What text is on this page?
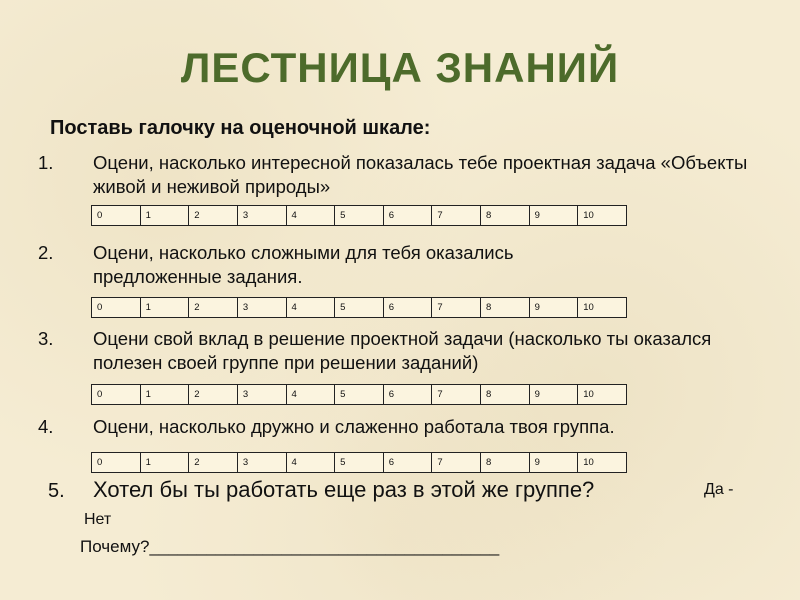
ЛЕСТНИЦА ЗНАНИЙ
Поставь галочку на оценочной шкале:
1. Оцени, насколько интересной показалась тебе проектная задача «Объекты живой и неживой природы»
0	1	2	3	4	5	6	7	8	9	10
2. Оцени, насколько сложными для тебя оказались предложенные задания.
0	1	2	3	4	5	6	7	8	9	10
3. Оцени свой вклад в решение проектной задачи (насколько ты оказался полезен своей группе при решении заданий)
0	1	2	3	4	5	6	7	8	9	10
4. Оцени, насколько дружно и слаженно работала твоя группа.
0	1	2	3	4	5	6	7	8	9	10
5. Хотел бы ты работать еще раз в этой же группе?	Да -
Нет
Почему?_____________________________________
